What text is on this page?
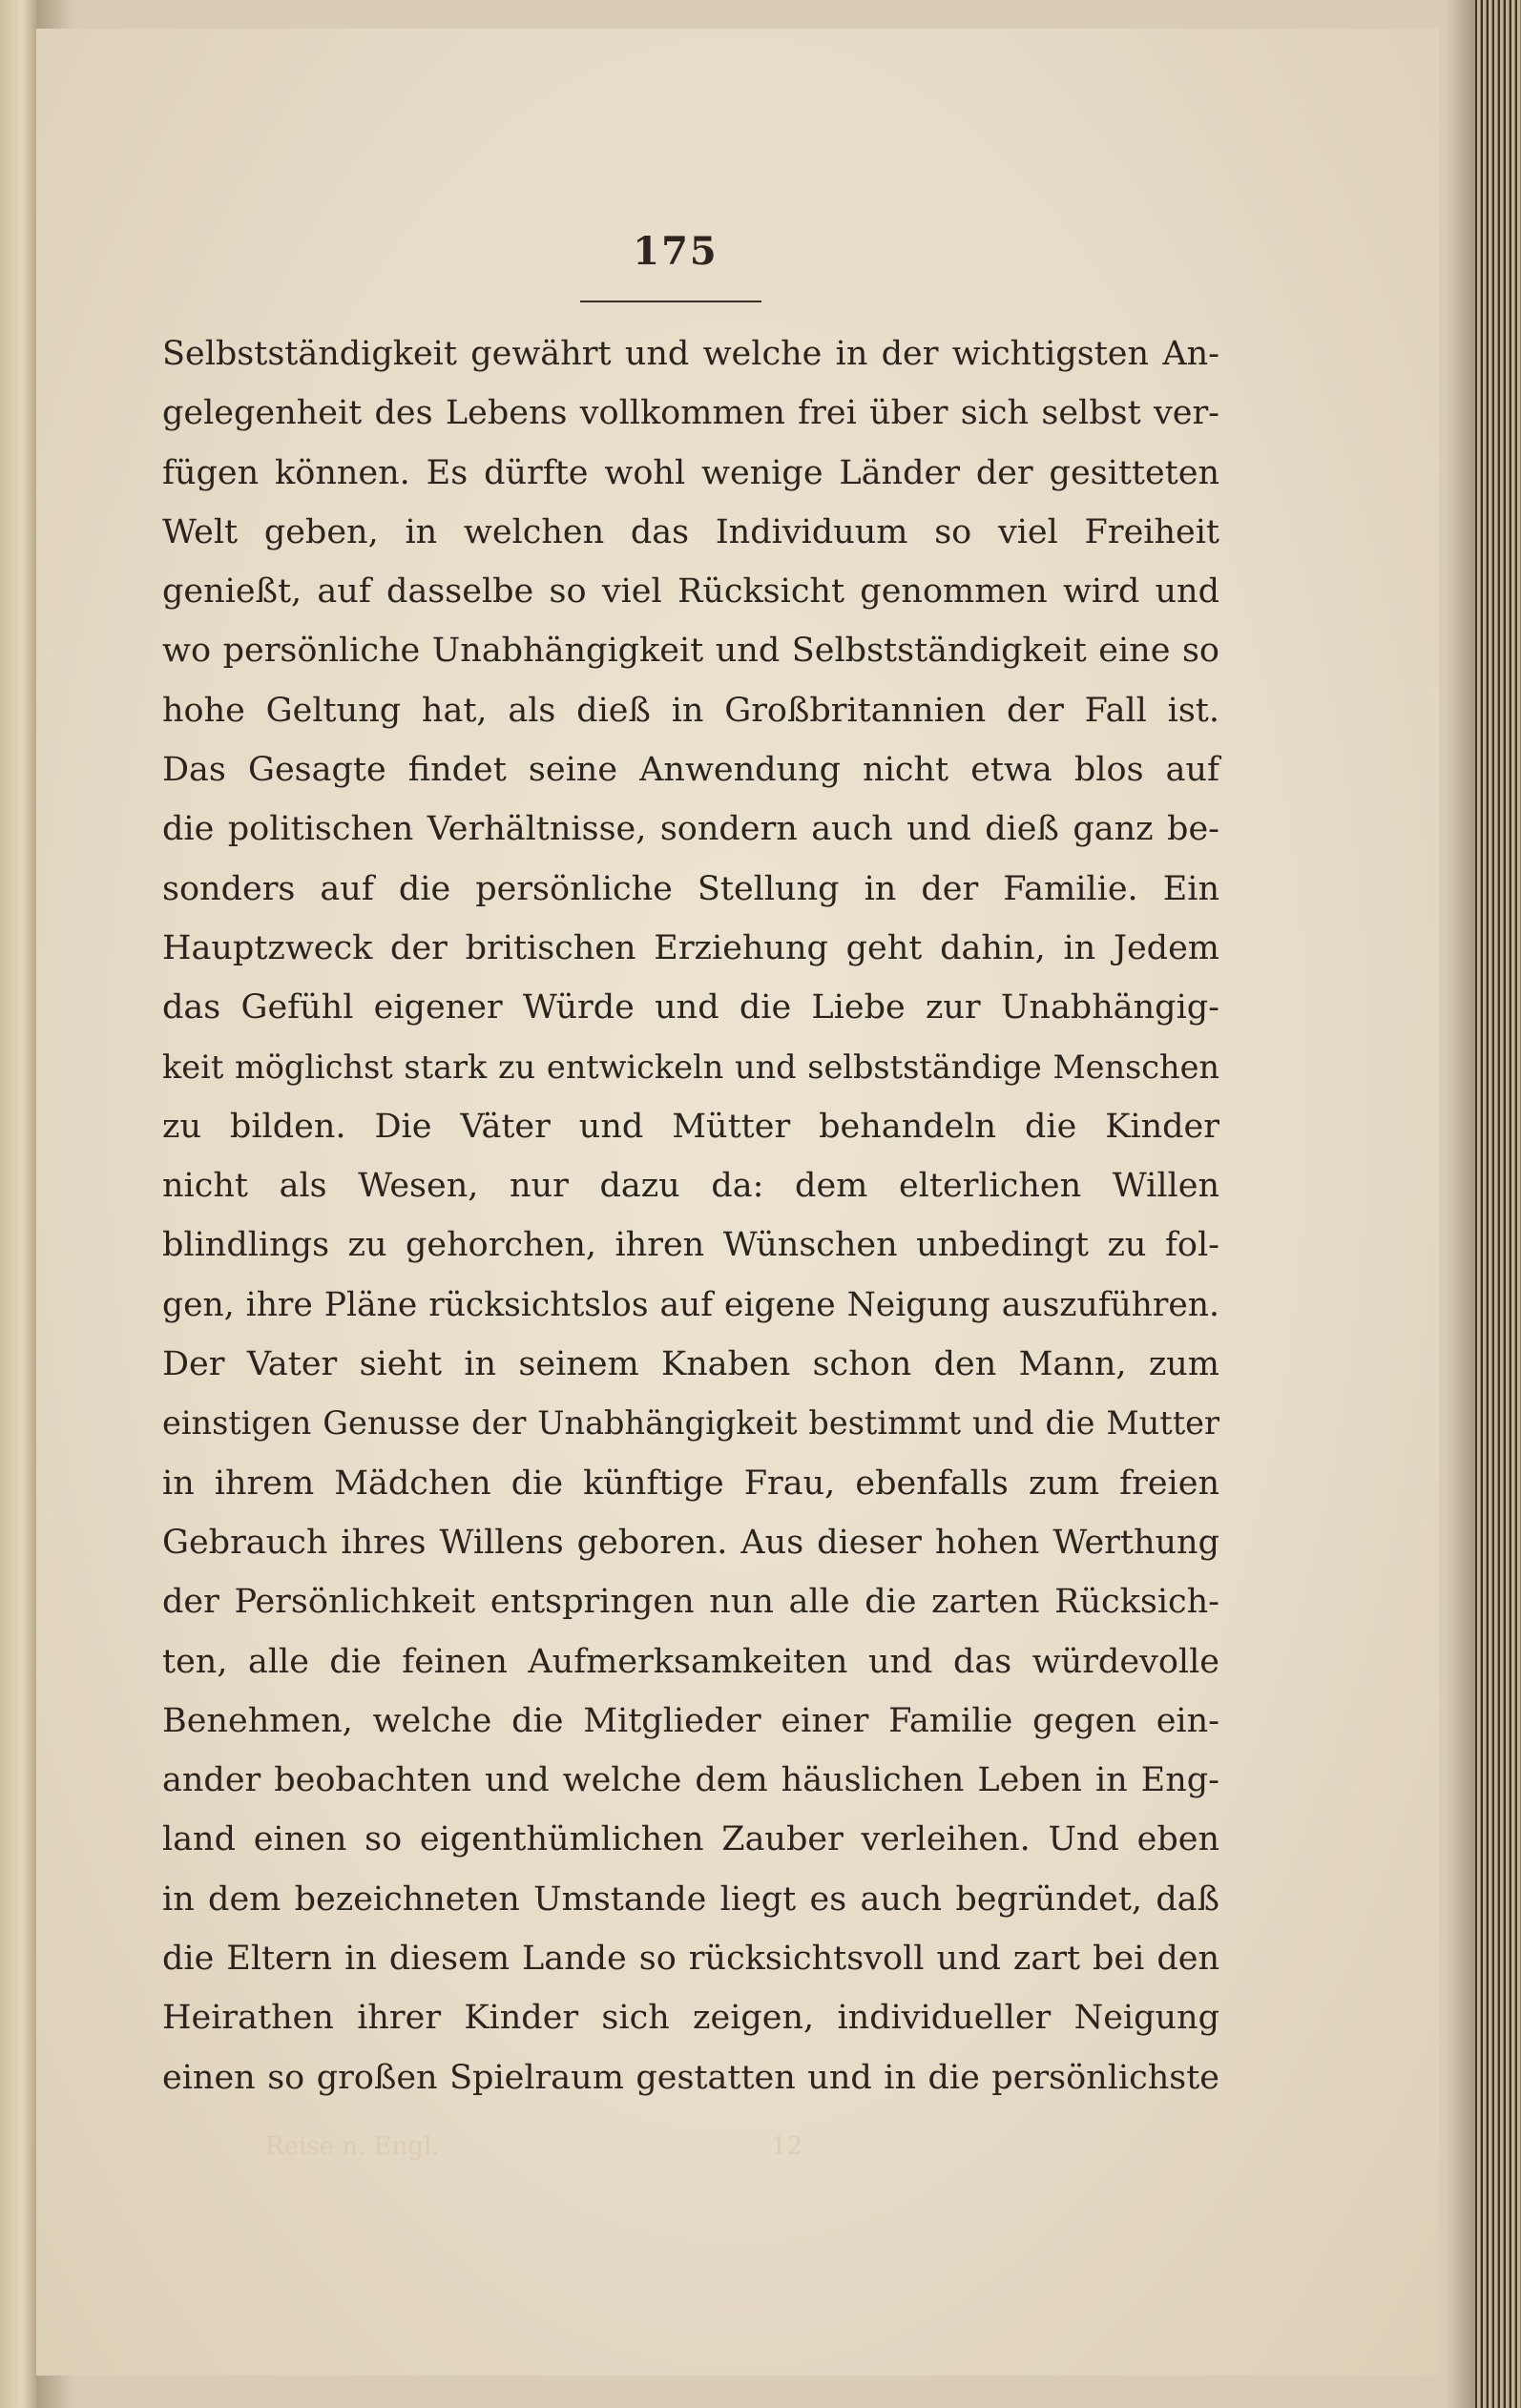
175
Selbstständigkeit gewährt und welche in der wichtigsten An-
gelegenheit des Lebens vollkommen frei über sich selbst ver-
fügen können. Es dürfte wohl wenige Länder der gesitteten
Welt geben, in welchen das Individuum so viel Freiheit
genießt, auf dasselbe so viel Rücksicht genommen wird und
wo persönliche Unabhängigkeit und Selbstständigkeit eine so
hohe Geltung hat, als dieß in Großbritannien der Fall ist.
Das Gesagte findet seine Anwendung nicht etwa blos auf
die politischen Verhältnisse, sondern auch und dieß ganz be-
sonders auf die persönliche Stellung in der Familie. Ein
Hauptzweck der britischen Erziehung geht dahin, in Jedem
das Gefühl eigener Würde und die Liebe zur Unabhängig-
keit möglichst stark zu entwickeln und selbstständige Menschen
zu bilden. Die Väter und Mütter behandeln die Kinder
nicht als Wesen, nur dazu da: dem elterlichen Willen
blindlings zu gehorchen, ihren Wünschen unbedingt zu fol-
gen, ihre Pläne rücksichtslos auf eigene Neigung auszuführen.
Der Vater sieht in seinem Knaben schon den Mann, zum
einstigen Genusse der Unabhängigkeit bestimmt und die Mutter
in ihrem Mädchen die künftige Frau, ebenfalls zum freien
Gebrauch ihres Willens geboren. Aus dieser hohen Werthung
der Persönlichkeit entspringen nun alle die zarten Rücksich-
ten, alle die feinen Aufmerksamkeiten und das würdevolle
Benehmen, welche die Mitglieder einer Familie gegen ein-
ander beobachten und welche dem häuslichen Leben in Eng-
land einen so eigenthümlichen Zauber verleihen. Und eben
in dem bezeichneten Umstande liegt es auch begründet, daß
die Eltern in diesem Lande so rücksichtsvoll und zart bei den
Heirathen ihrer Kinder sich zeigen, individueller Neigung
einen so großen Spielraum gestatten und in die persönlichste
Reise n. Engl.	12
